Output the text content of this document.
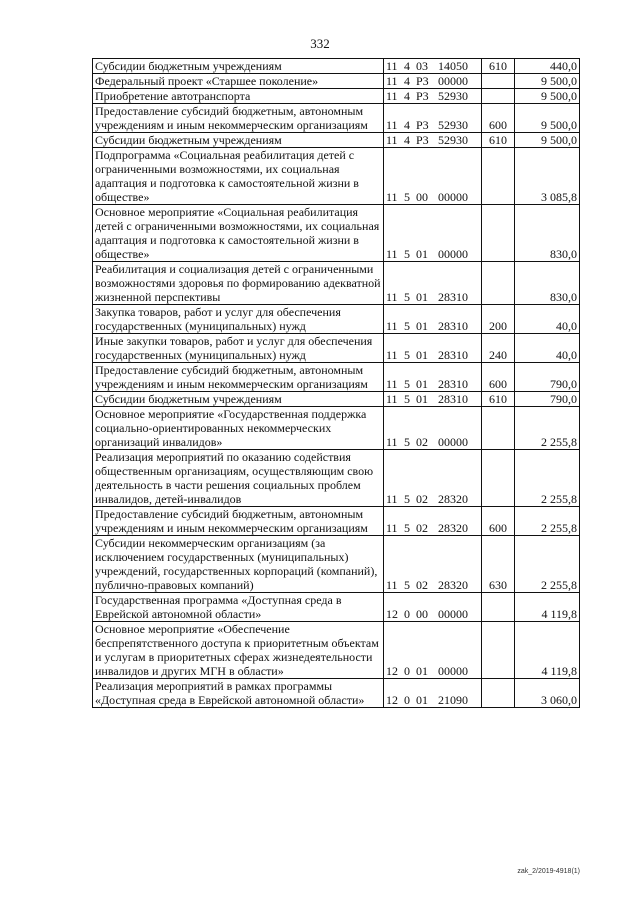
332
Субсидии бюджетным учреждениям	11 4 03 14050	610	440,0
Федеральный проект «Старшее поколение»	11 4 P3 00000		9 500,0
Приобретение автотранспорта	11 4 P3 52930		9 500,0
Предоставление субсидий бюджетным, автономным учреждениям и иным некоммерческим организациям	11 4 P3 52930	600	9 500,0
Субсидии бюджетным учреждениям	11 4 P3 52930	610	9 500,0
Подпрограмма «Социальная реабилитация детей с ограниченными возможностями, их социальная адаптация и подготовка к самостоятельной жизни в обществе»	11 5 00 00000		3 085,8
Основное мероприятие «Социальная реабилитация детей с ограниченными возможностями, их социальная адаптация и подготовка к самостоятельной жизни в обществе»	11 5 01 00000		830,0
Реабилитация и социализация детей с ограниченными возможностями здоровья по формированию адекватной жизненной перспективы	11 5 01 28310		830,0
Закупка товаров, работ и услуг для обеспечения государственных (муниципальных) нужд	11 5 01 28310	200	40,0
Иные закупки товаров, работ и услуг для обеспечения государственных (муниципальных) нужд	11 5 01 28310	240	40,0
Предоставление субсидий бюджетным, автономным учреждениям и иным некоммерческим организациям	11 5 01 28310	600	790,0
Субсидии бюджетным учреждениям	11 5 01 28310	610	790,0
Основное мероприятие «Государственная поддержка социально-ориентированных некоммерческих организаций инвалидов»	11 5 02 00000		2 255,8
Реализация мероприятий по оказанию содействия общественным организациям, осуществляющим свою деятельность в части решения социальных проблем инвалидов, детей-инвалидов	11 5 02 28320		2 255,8
Предоставление субсидий бюджетным, автономным учреждениям и иным некоммерческим организациям	11 5 02 28320	600	2 255,8
Субсидии некоммерческим организациям (за исключением государственных (муниципальных) учреждений, государственных корпораций (компаний), публично-правовых компаний)	11 5 02 28320	630	2 255,8
Государственная программа «Доступная среда в Еврейской автономной области»	12 0 00 00000		4 119,8
Основное мероприятие «Обеспечение беспрепятственного доступа к приоритетным объектам и услугам в приоритетных сферах жизнедеятельности инвалидов и других МГН в области»	12 0 01 00000		4 119,8
Реализация мероприятий в рамках программы «Доступная среда в Еврейской автономной области»	12 0 01 21090		3 060,0
zak_2/2019-4918(1)
